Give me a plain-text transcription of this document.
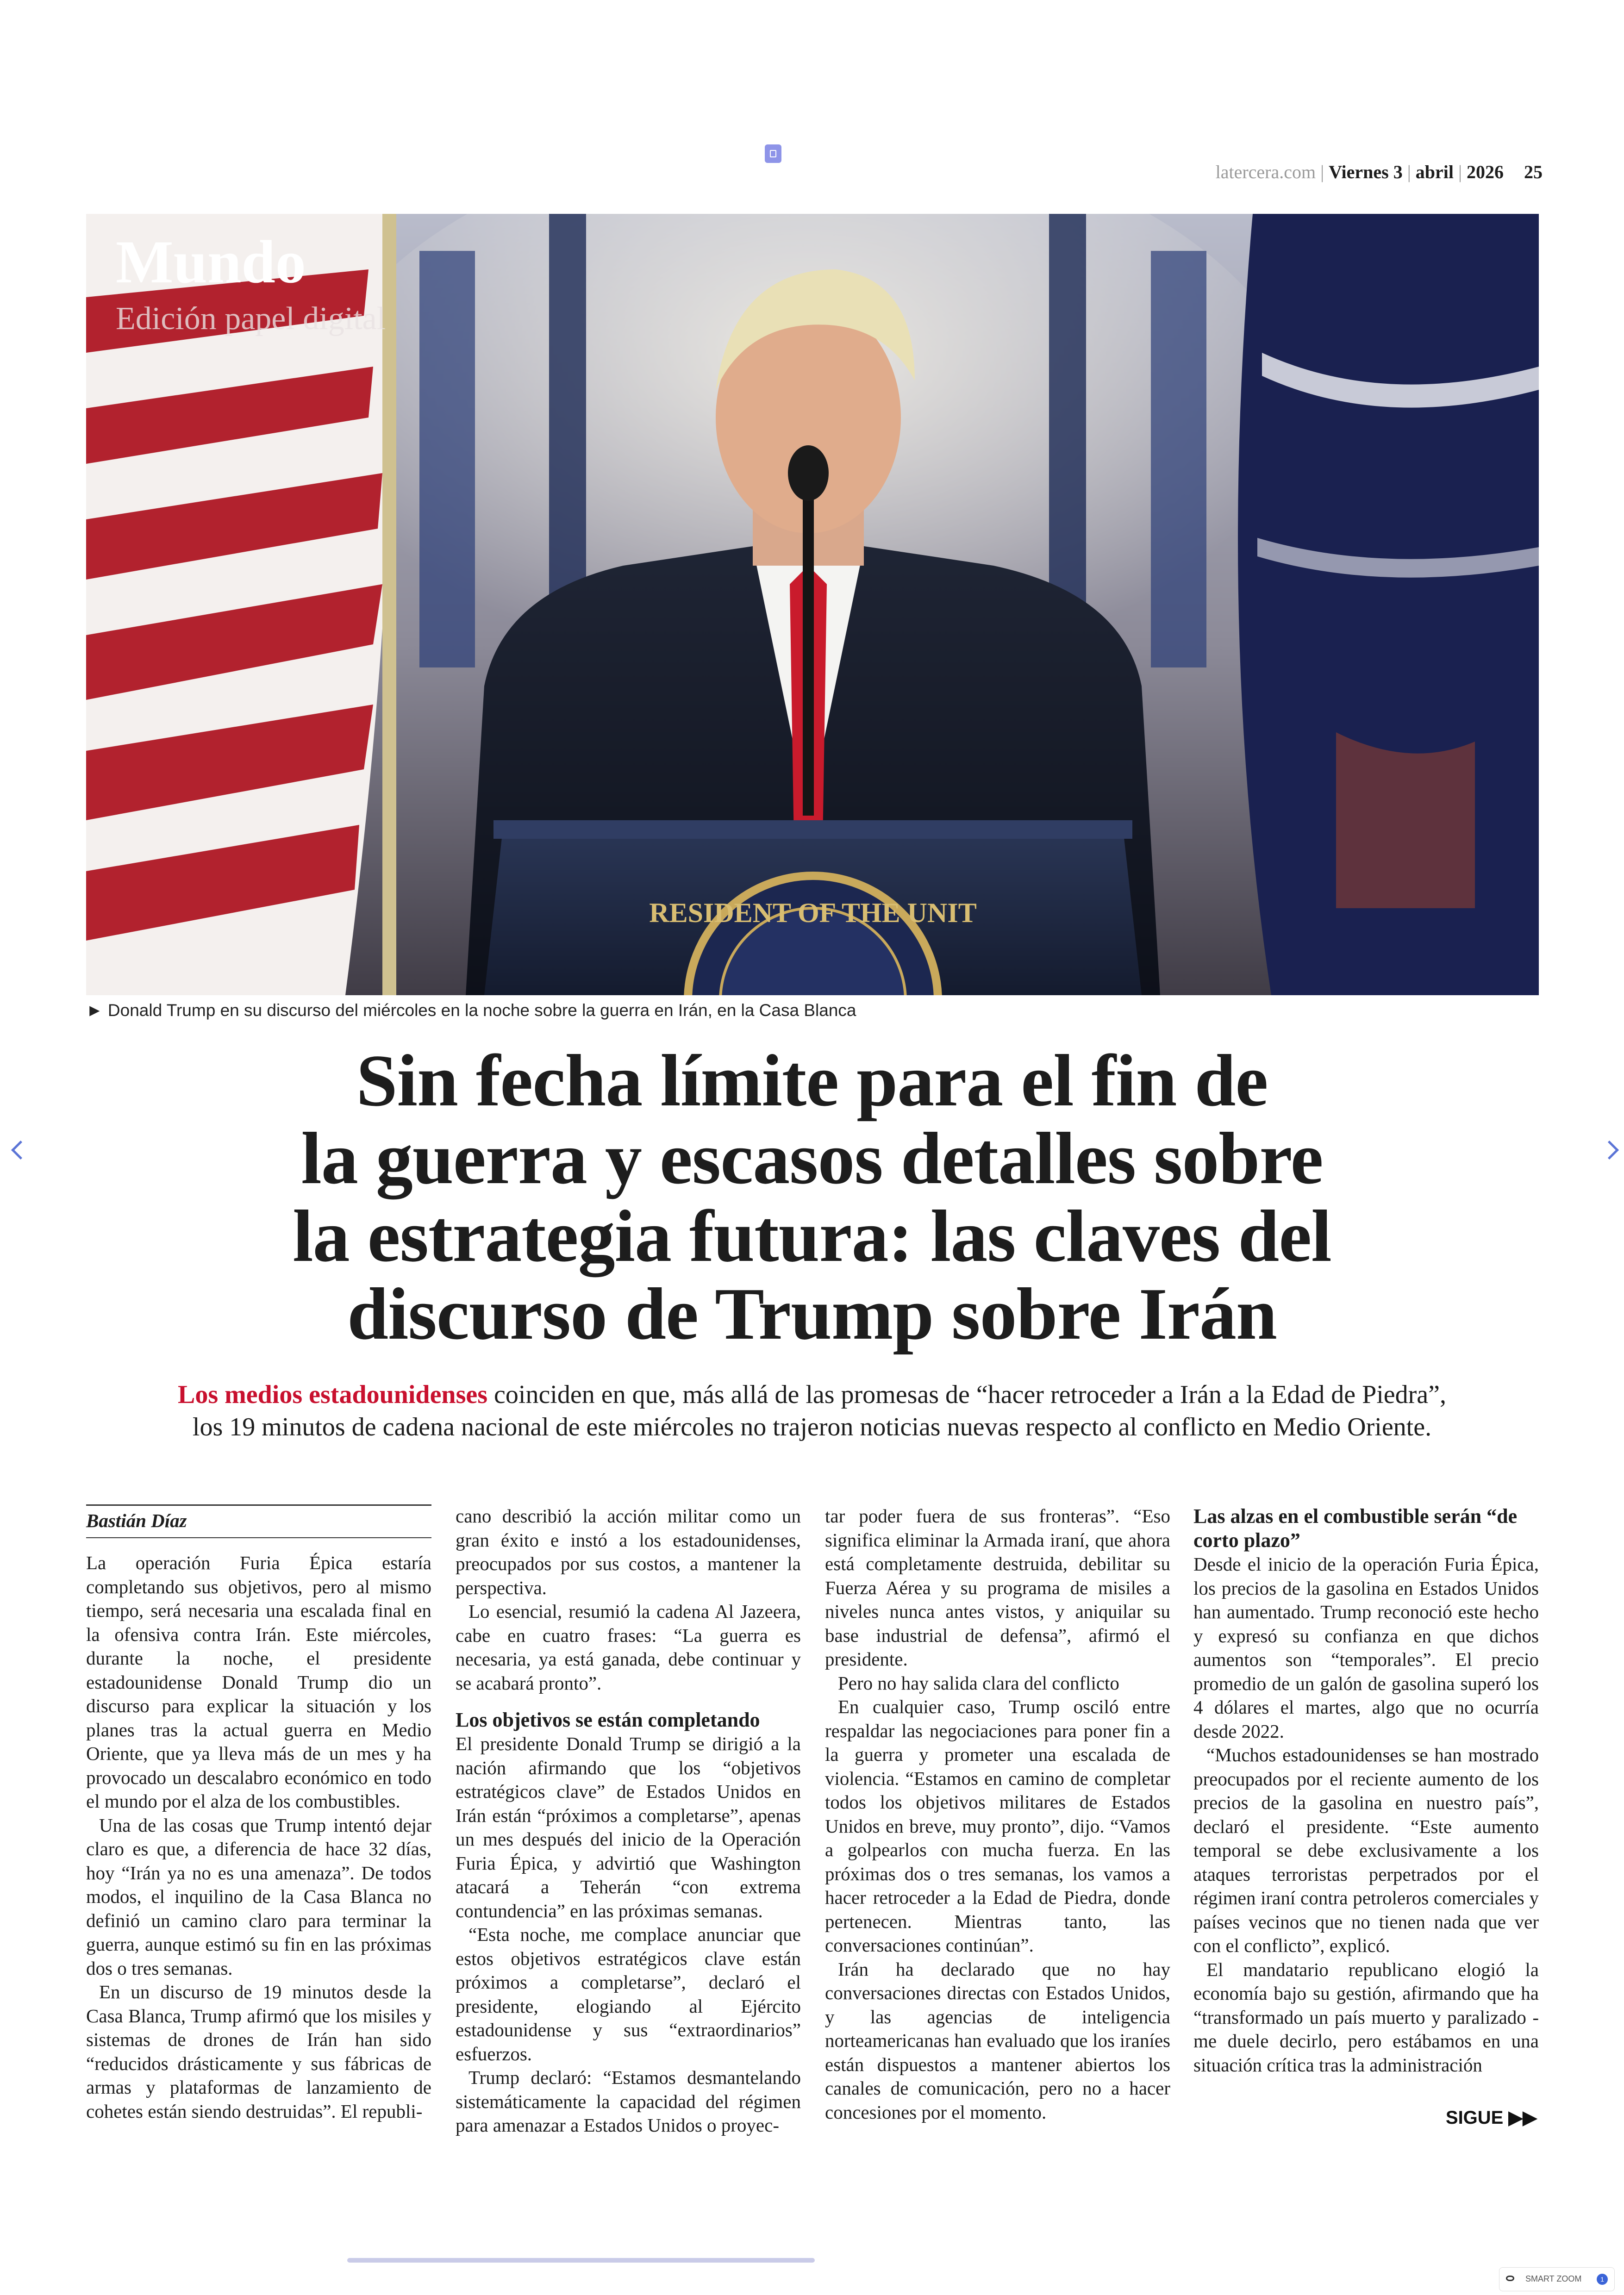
latercera.com | Viernes 3 | abril | 2026 25
RESIDENT OF THE UNIT
Mundo
Edición papel digital
► Donald Trump en su discurso del miércoles en la noche sobre la guerra en Irán, en la Casa Blanca
Sin fecha límite para el fin de
la guerra y escasos detalles sobre
la estrategia futura: las claves del
discurso de Trump sobre Irán
Los medios estadounidenses coinciden en que, más allá de las promesas de “hacer retroceder a Irán a la Edad de Piedra”,
los 19 minutos de cadena nacional de este miércoles no trajeron noticias nuevas respecto al conflicto en Medio Oriente.
Bastián Díaz

La operación Furia Épica estaría completando sus objetivos, pero al mismo tiempo, será necesaria una escalada final en la ofensiva contra Irán. Este miércoles, durante la noche, el presidente estadounidense Donald Trump dio un discurso para explicar la situación y los planes tras la actual guerra en Medio Oriente, que ya lleva más de un mes y ha provocado un descalabro económico en todo el mundo por el alza de los combustibles.

Una de las cosas que Trump intentó dejar claro es que, a diferencia de hace 32 días, hoy “Irán ya no es una amenaza”. De todos modos, el inquilino de la Casa Blanca no definió un camino claro para terminar la guerra, aunque estimó su fin en las próximas dos o tres semanas.

En un discurso de 19 minutos desde la Casa Blanca, Trump afirmó que los misiles y sistemas de drones de Irán han sido “reducidos drásticamente y sus fábricas de armas y plataformas de lanzamiento de cohetes están siendo destruidas”. El republi-

cano describió la acción militar como un gran éxito e instó a los estadounidenses, preocupados por sus costos, a mantener la perspectiva.

Lo esencial, resumió la cadena Al Jazeera, cabe en cuatro frases: “La guerra es necesaria, ya está ganada, debe continuar y se acabará pronto”.

Los objetivos se están completando

El presidente Donald Trump se dirigió a la nación afirmando que los “objetivos estratégicos clave” de Estados Unidos en Irán están “próximos a completarse”, apenas un mes después del inicio de la Operación Furia Épica, y advirtió que Washington atacará a Teherán “con extrema contundencia” en las próximas semanas.

“Esta noche, me complace anunciar que estos objetivos estratégicos clave están próximos a completarse”, declaró el presidente, elogiando al Ejército estadounidense y sus “extraordinarios” esfuerzos.

Trump declaró: “Estamos desmantelando sistemáticamente la capacidad del régimen para amenazar a Estados Unidos o proyec-

tar poder fuera de sus fronteras”. “Eso significa eliminar la Armada iraní, que ahora está completamente destruida, debilitar su Fuerza Aérea y su programa de misiles a niveles nunca antes vistos, y aniquilar su base industrial de defensa”, afirmó el presidente.

Pero no hay salida clara del conflicto

En cualquier caso, Trump osciló entre respaldar las negociaciones para poner fin a la guerra y prometer una escalada de violencia. “Estamos en camino de completar todos los objetivos militares de Estados Unidos en breve, muy pronto”, dijo. “Vamos a golpearlos con mucha fuerza. En las próximas dos o tres semanas, los vamos a hacer retroceder a la Edad de Piedra, donde pertenecen. Mientras tanto, las conversaciones continúan”.

Irán ha declarado que no hay conversaciones directas con Estados Unidos, y las agencias de inteligencia norteamericanas han evaluado que los iraníes están dispuestos a mantener abiertos los canales de comunicación, pero no a hacer concesiones por el momento.

Las alzas en el combustible serán “de corto plazo”

Desde el inicio de la operación Furia Épica, los precios de la gasolina en Estados Unidos han aumentado. Trump reconoció este hecho y expresó su confianza en que dichos aumentos son “temporales”. El precio promedio de un galón de gasolina superó los 4 dólares el martes, algo que no ocurría desde 2022.

“Muchos estadounidenses se han mostrado preocupados por el reciente aumento de los precios de la gasolina en nuestro país”, declaró el presidente. “Este aumento temporal se debe exclusivamente a los ataques terroristas perpetrados por el régimen iraní contra petroleros comerciales y países vecinos que no tienen nada que ver con el conflicto”, explicó.

El mandatario republicano elogió la economía bajo su gestión, afirmando que ha “transformado un país muerto y paralizado -me duele decirlo, pero estábamos en una situación crítica tras la administración

SIGUE ▶▶
SMART ZOOM	1
